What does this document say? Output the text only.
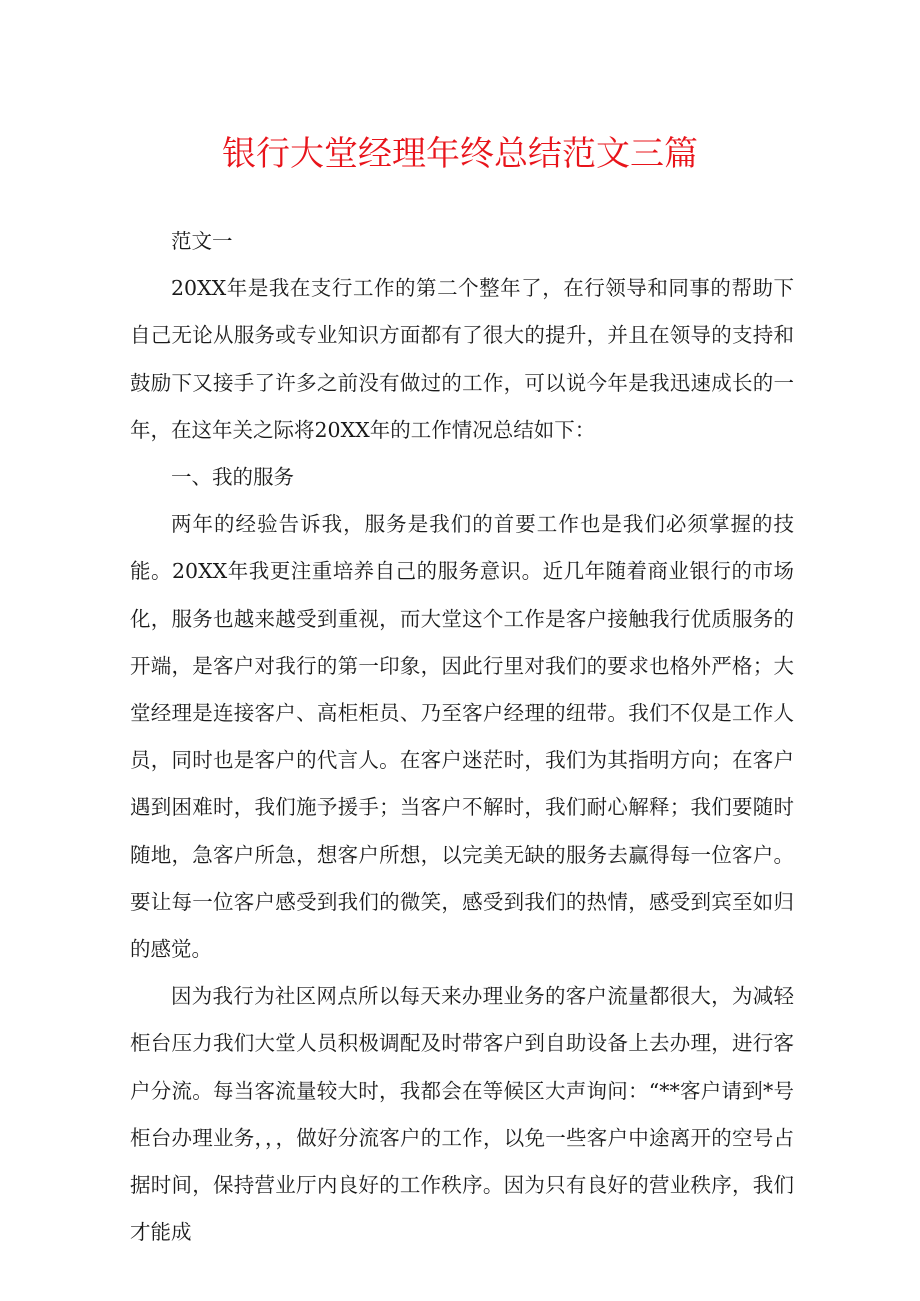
银行大堂经理年终总结范文三篇

范文一

20XX年是我在支行工作的第二个整年了，在行领导和同事的帮助下自己无论从服务或专业知识方面都有了很大的提升，并且在领导的支持和鼓励下又接手了许多之前没有做过的工作，可以说今年是我迅速成长的一年，在这年关之际将20XX年的工作情况总结如下：

一、我的服务

两年的经验告诉我，服务是我们的首要工作也是我们必须掌握的技能。20XX年我更注重培养自己的服务意识。近几年随着商业银行的市场化，服务也越来越受到重视，而大堂这个工作是客户接触我行优质服务的开端，是客户对我行的第一印象，因此行里对我们的要求也格外严格；大堂经理是连接客户、高柜柜员、乃至客户经理的纽带。我们不仅是工作人员，同时也是客户的代言人。在客户迷茫时，我们为其指明方向；在客户遇到困难时，我们施予援手；当客户不解时，我们耐心解释；我们要随时随地，急客户所急，想客户所想，以完美无缺的服务去赢得每一位客户。要让每一位客户感受到我们的微笑，感受到我们的热情，感受到宾至如归的感觉。

因为我行为社区网点所以每天来办理业务的客户流量都很大，为减轻柜台压力我们大堂人员积极调配及时带客户到自助设备上去办理，进行客户分流。每当客流量较大时，我都会在等候区大声询问：“**客户请到*号柜台办理业务，，，做好分流客户的工作，以免一些客户中途离开的空号占据时间，保持营业厅内良好的工作秩序。因为只有良好的营业秩序，我们才能成
